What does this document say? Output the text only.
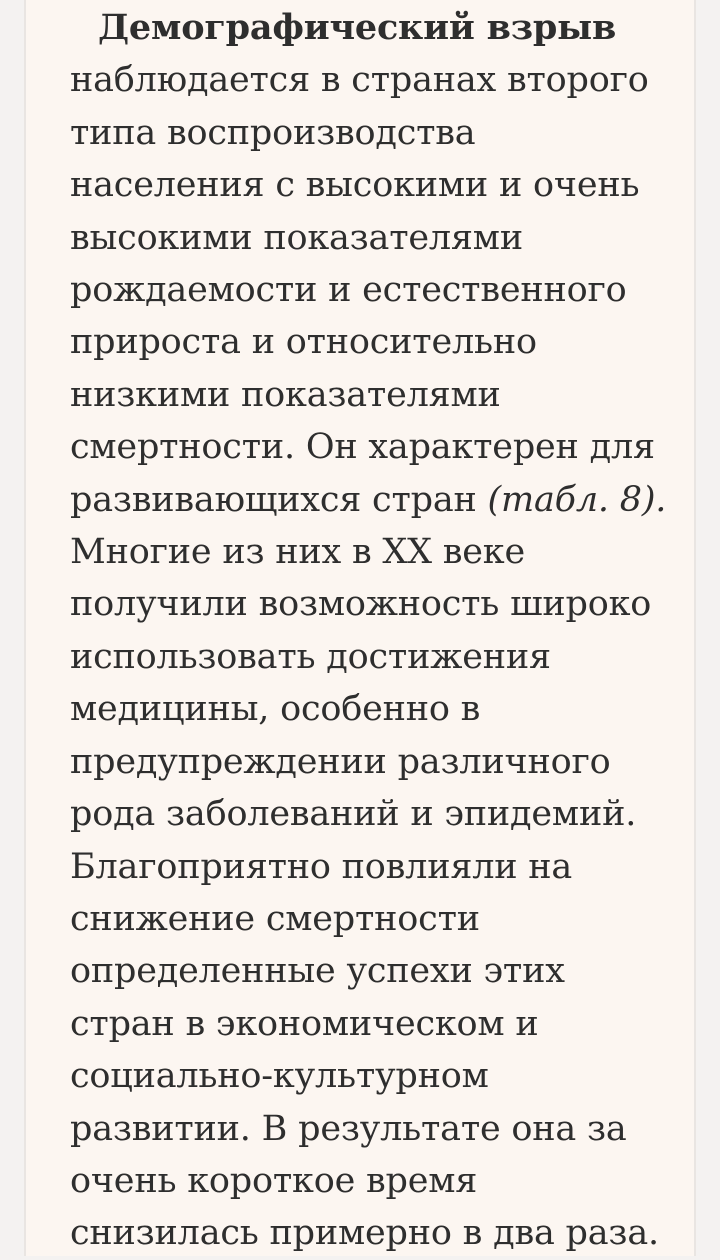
Демографический взрыв
наблюдается в странах второго
типа воспроизводства
населения с высокими и очень
высокими показателями
рождаемости и естественного
прироста и относительно
низкими показателями
смертности. Он характерен для
развивающихся стран (табл. 8).
Многие из них в XX веке
получили возможность широко
использовать достижения
медицины, особенно в
предупреждении различного
рода заболеваний и эпидемий.
Благоприятно повлияли на
снижение смертности
определенные успехи этих
стран в экономическом и
социально-культурном
развитии. В результате она за
очень короткое время
снизилась примерно в два раза.
